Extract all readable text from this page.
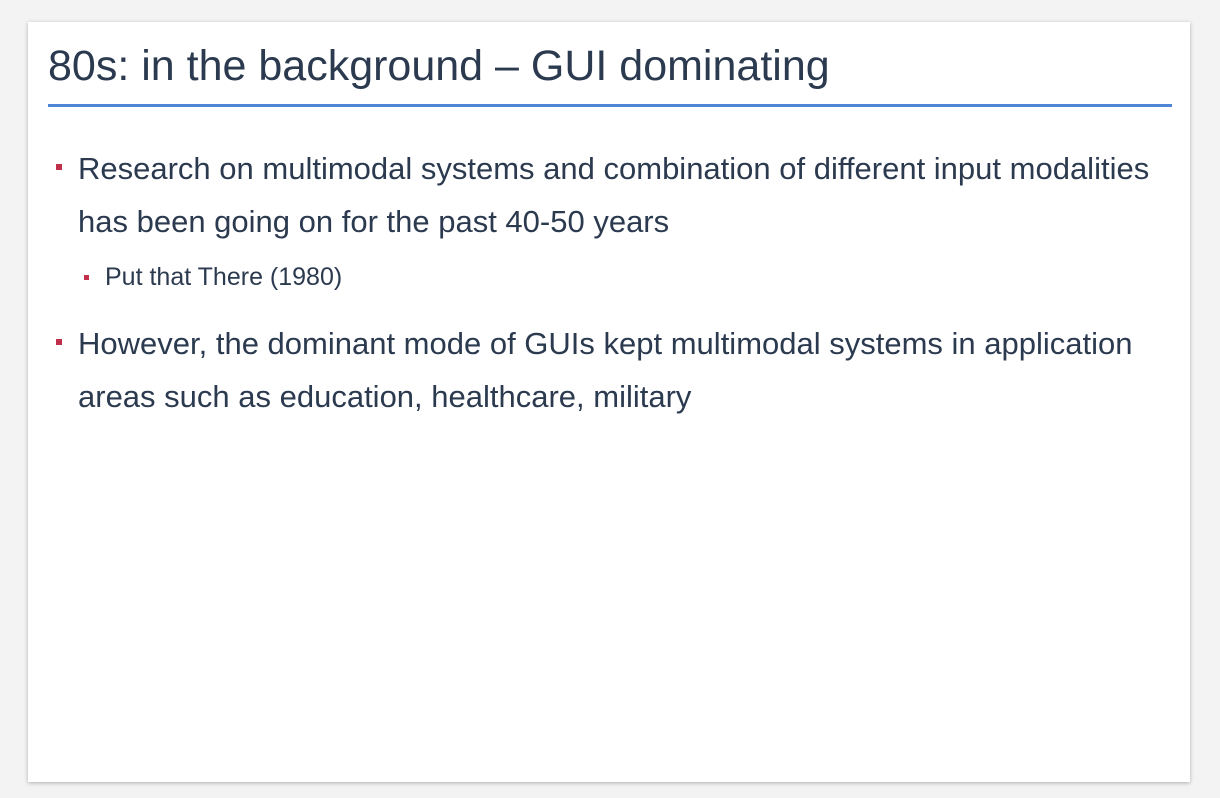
80s: in the background – GUI dominating
Research on multimodal systems and combination of different input modalities has been going on for the past 40-50 years
Put that There (1980)
However, the dominant mode of GUIs kept multimodal systems in application areas such as education, healthcare, military
